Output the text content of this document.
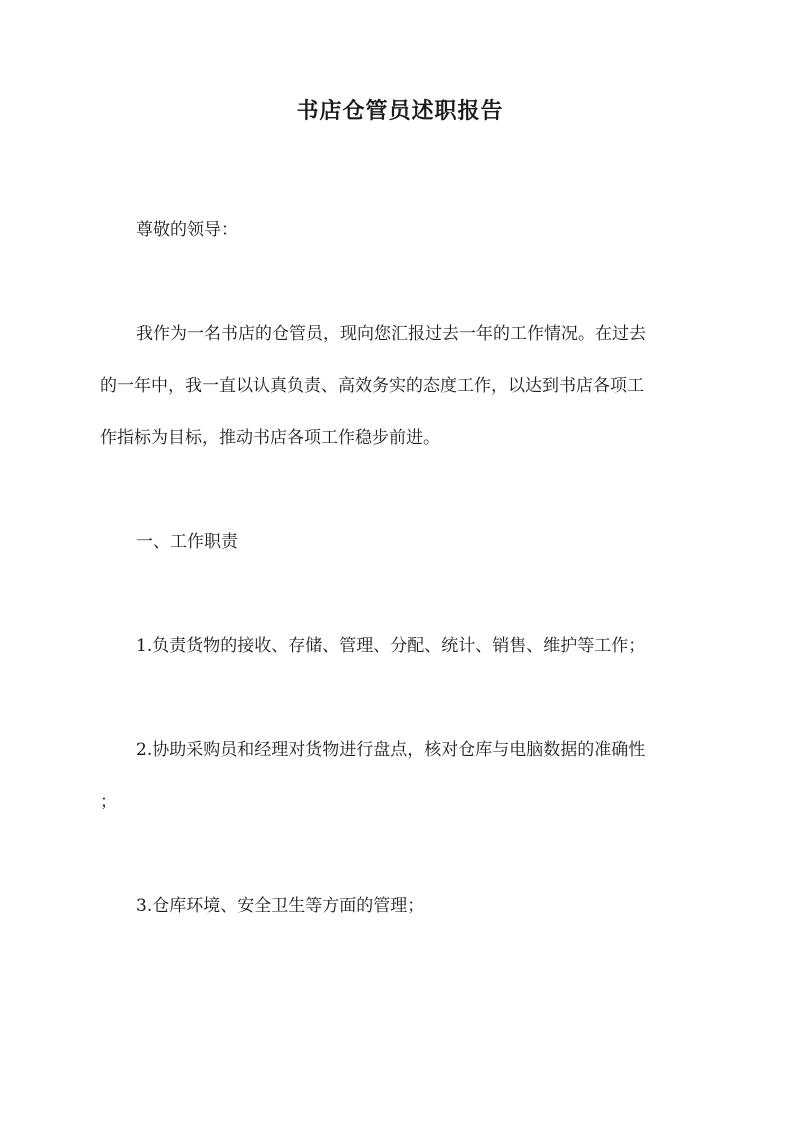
书店仓管员述职报告

尊敬的领导：

我作为一名书店的仓管员，现向您汇报过去一年的工作情况。在过去

的一年中，我一直以认真负责、高效务实的态度工作，以达到书店各项工

作指标为目标，推动书店各项工作稳步前进。

一、工作职责

1.负责货物的接收、存储、管理、分配、统计、销售、维护等工作；

2.协助采购员和经理对货物进行盘点，核对仓库与电脑数据的准确性

；

3.仓库环境、安全卫生等方面的管理；
